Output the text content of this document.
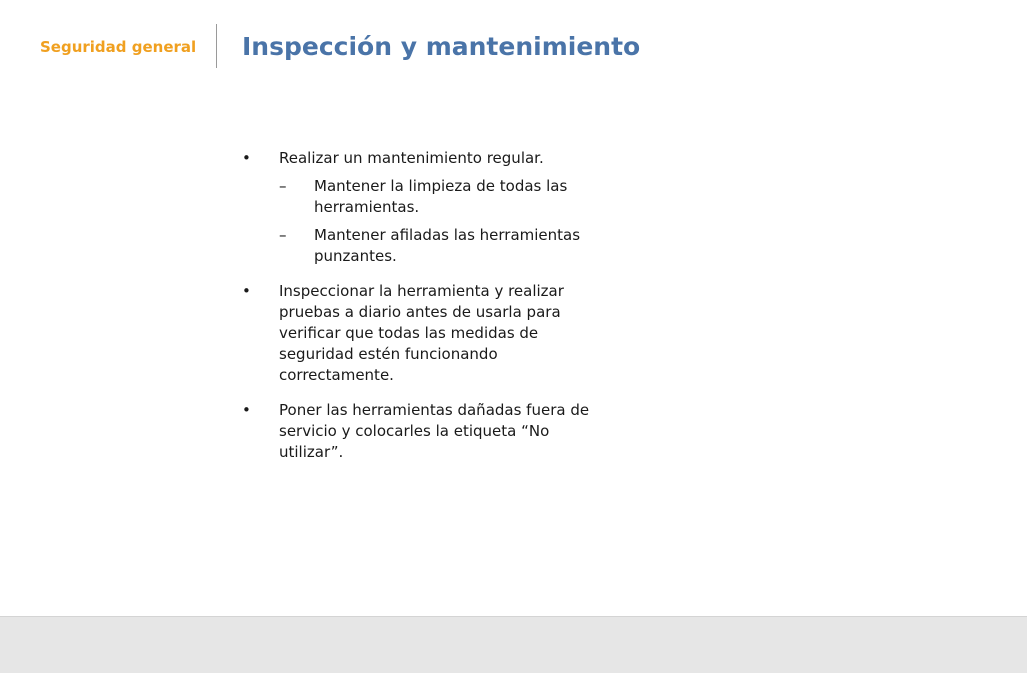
Seguridad general Inspección y mantenimiento
•	Realizar un mantenimiento regular.
–	Mantener la limpieza de todas las herramientas.
–	Mantener afiladas las herramientas punzantes.
•	Inspeccionar la herramienta y realizar pruebas a diario antes de usarla para verificar que todas las medidas de seguridad estén funcionando correctamente.
•	Poner las herramientas dañadas fuera de servicio y colocarles la etiqueta “No utilizar”.
